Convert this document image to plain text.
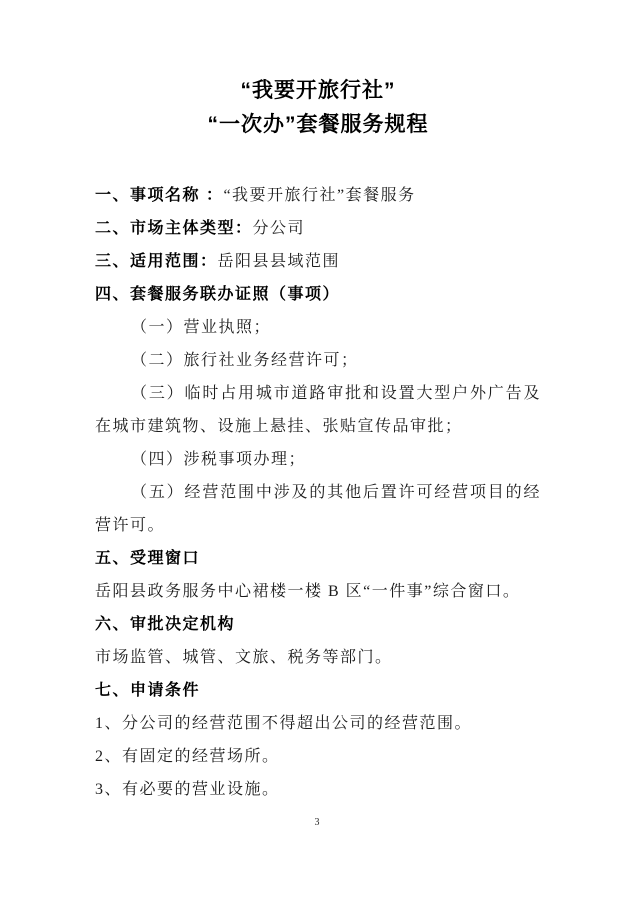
“我要开旅行社”
“一次办”套餐服务规程

一、事项名称 ：“我要开旅行社”套餐服务

二、市场主体类型：分公司

三、适用范围：岳阳县县域范围

四、套餐服务联办证照（事项）

（一）营业执照；

（二）旅行社业务经营许可；

（三）临时占用城市道路审批和设置大型户外广告及在城市建筑物、设施上悬挂、张贴宣传品审批；

（四）涉税事项办理；

（五）经营范围中涉及的其他后置许可经营项目的经营许可。

五、受理窗口

岳阳县政务服务中心裙楼一楼 B 区“一件事”综合窗口。

六、审批决定机构

市场监管、城管、文旅、税务等部门。

七、申请条件

1、分公司的经营范围不得超出公司的经营范围。

2、有固定的经营场所。

3、有必要的营业设施。

3
